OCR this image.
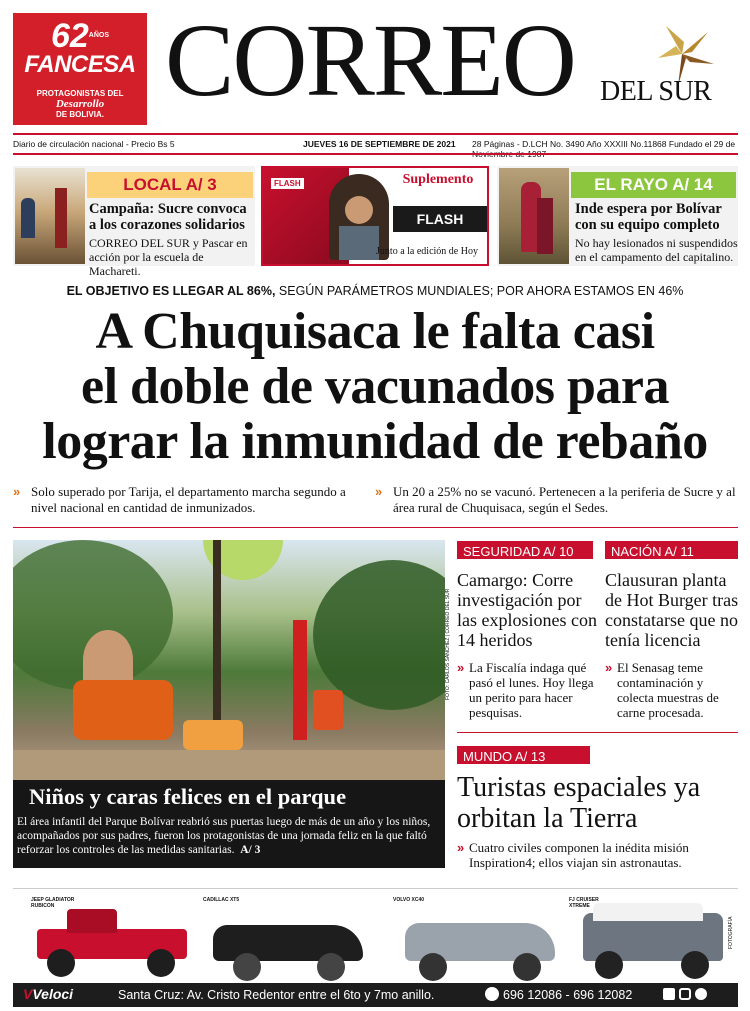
$62^{AÑOS}$
FANCESA
PROTAGONISTAS DEL Desarrollo
DE BOLIVIA. CORREO DEL SUR
Diario de circulación nacional - Precio Bs 5	JUEVES 16 DE SEPTIEMBRE DE 2021 28 Páginas - D.LCH No. 3490 Año XXXIII No.11868 Fundado el 29 de
LOCAL A/ 3
Campaña: Sucre convoca a los corazones solidarios
CORREO DEL SUR y Pascar en acción por la escuela de Machareti.
FLASH	Suplemento
FLASH
Junto a la edición de Hoy
EL RAYO A/ 14
Inde espera por Bolívar con su equipo completo
No hay lesionados ni suspendidos en el campamento del capitalino.
EL OBJETIVO ES LLEGAR AL 86%, SEGÚN PARÁMETROS MUNDIALES; POR AHORA ESTAMOS EN 46%
A Chuquisaca le falta casi
el doble de vacunados para
lograr la inmunidad de rebaño
» Solo superado por Tarija, el departamento marcha segundo a nivel nacional en cantidad de inmunizados.
» Un 20 a 25% no se vacunó. Pertenecen a la periferia de Sucre y al área rural de Chuquisaca, según el Sedes.
FOTO: CARLOS SANCHEZ | CORREO DEL SUR
Niños y caras felices en el parque
El área infantil del Parque Bolívar reabrió sus puertas luego de más de un año y los niños, acompañados por sus padres, fueron los protagonistas de una jornada feliz en la que faltó reforzar los controles de las medidas sanitarias. A/ 3
SEGURIDAD A/ 10
Camargo: Corre investigación por las explosiones con 14 heridos
» La Fiscalía indaga qué pasó el lunes. Hoy llega un perito para hacer pesquisas.
NACIÓN A/ 11
Clausuran planta de Hot Burger tras constatarse que no tenía licencia
» El Senasag teme contaminación y colecta muestras de carne procesada.
MUNDO A/ 13
Turistas espaciales ya orbitan la Tierra
» Cuatro civiles componen la inédita misión Inspiration4; ellos viajan sin astronautas.
JEEP GLADIATOR RUBICON
CADILLAC XT5	VOLVO XC40	FJ CRUISER XTREME
FOTOGRAFÍA
VVeloci	Santa Cruz: Av. Cristo Redentor entre el 6to y 7mo anillo.	696 12086 - 696 12082
